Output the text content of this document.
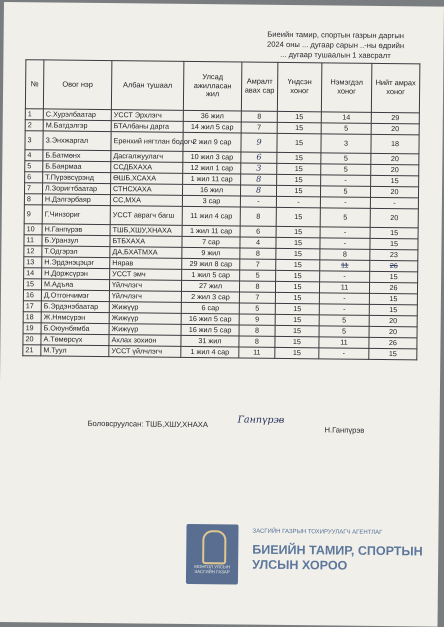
Биеийн тамир, спортын газрын даргын
2024 оны ... дугаар сарын ..-ны өдрийн
... дугаар тушаалын 1 хавсралт
№	Овог нэр	Албан тушаал	Улсад ажилласан жил	Амралт авах сар	Үндсэн хоног	Нэмэгдэл хоног	Нийт амрах хоног
1	С.Хурэлбаатар	УССТ Эрхлэгч	36 жил	8	15	14	29
2	М.Батдэлгэр	БТАлбаны дарга	14 жил 5 сар	7	15	5	20
3	З.Энхжаргал	Еренхий нягтлан бодогч	2 жил 9 сар	9	15	3	18
4	Б.Батмөнх	Дасгалжуулагч	10 жил 3 сар	6	15	5	20
5	Б.Баярмаа	ССДБХАХА	12 жил 1 сар	3	15	5	20
6	Т.Пүрэвсүрэнд	ӨШБ,ХСАХА	1 жил 11 сар	8	15	-	15
7	Л.Зоригтбаатар	СТНСХАХА	16 жил	8	15	5	20
8	Н.Дэлгэрбаяр	СС,МХА	3 сар	-	-	-	-
9	Г.Чинзориг	УССТ аврагч багш	11 жил 4 сар	8	15	5	20
10	Н.Ганпүрэв	ТШБ,ХШУ,ХНАХА	1 жил 11 сар	6	15	-	15
11	Б.Уранзул	БТБХАХА	7 сар	4	15	-	15
12	Т.Одгэрэл	ДА,БХАТМХА	9 жил	8	15	8	23
13	Н.Эрдэнэцэцэг	Нярав	29 жил 8 сар	7	15	11	26
14	Н.Доржсүрэн	УССТ эмч	1 жил 5 сар	5	15	-	15
15	М.Адъяа	Үйлчлэгч	27 жил	8	15	11	26
16	Д.Отгончимэг	Үйлчлэгч	2 жил 3 сар	7	15	-	15
17	Б.Эрдэнэбаатар	Жижүүр	6 сар	5	15	-	15
18	Ж.Нямсүрэн	Жижүүр	16 жил 5 сар	9	15	5	20
19	Б.Оюунбямба	Жижүүр	16 жил 5 сар	8	15	5	20
20	А.Төмөрсүх	Ахлах зохион	31 жил	8	15	11	26
21	М.Туул	УССТ үйлчлэгч	1 жил 4 сар	11	15	-	15
Боловсруулсан: ТШБ,ХШУ,ХНАХА	Ганпүрэв
Н.Ганпүрэв
МОНГОЛ УЛСЫН ЗАСГИЙН ГАЗАР
ЗАСГИЙН ГАЗРЫН ТОХИРУУЛАГЧ АГЕНТЛАГ
БИЕИЙН ТАМИР, СПОРТЫН
УЛСЫН ХОРОО
